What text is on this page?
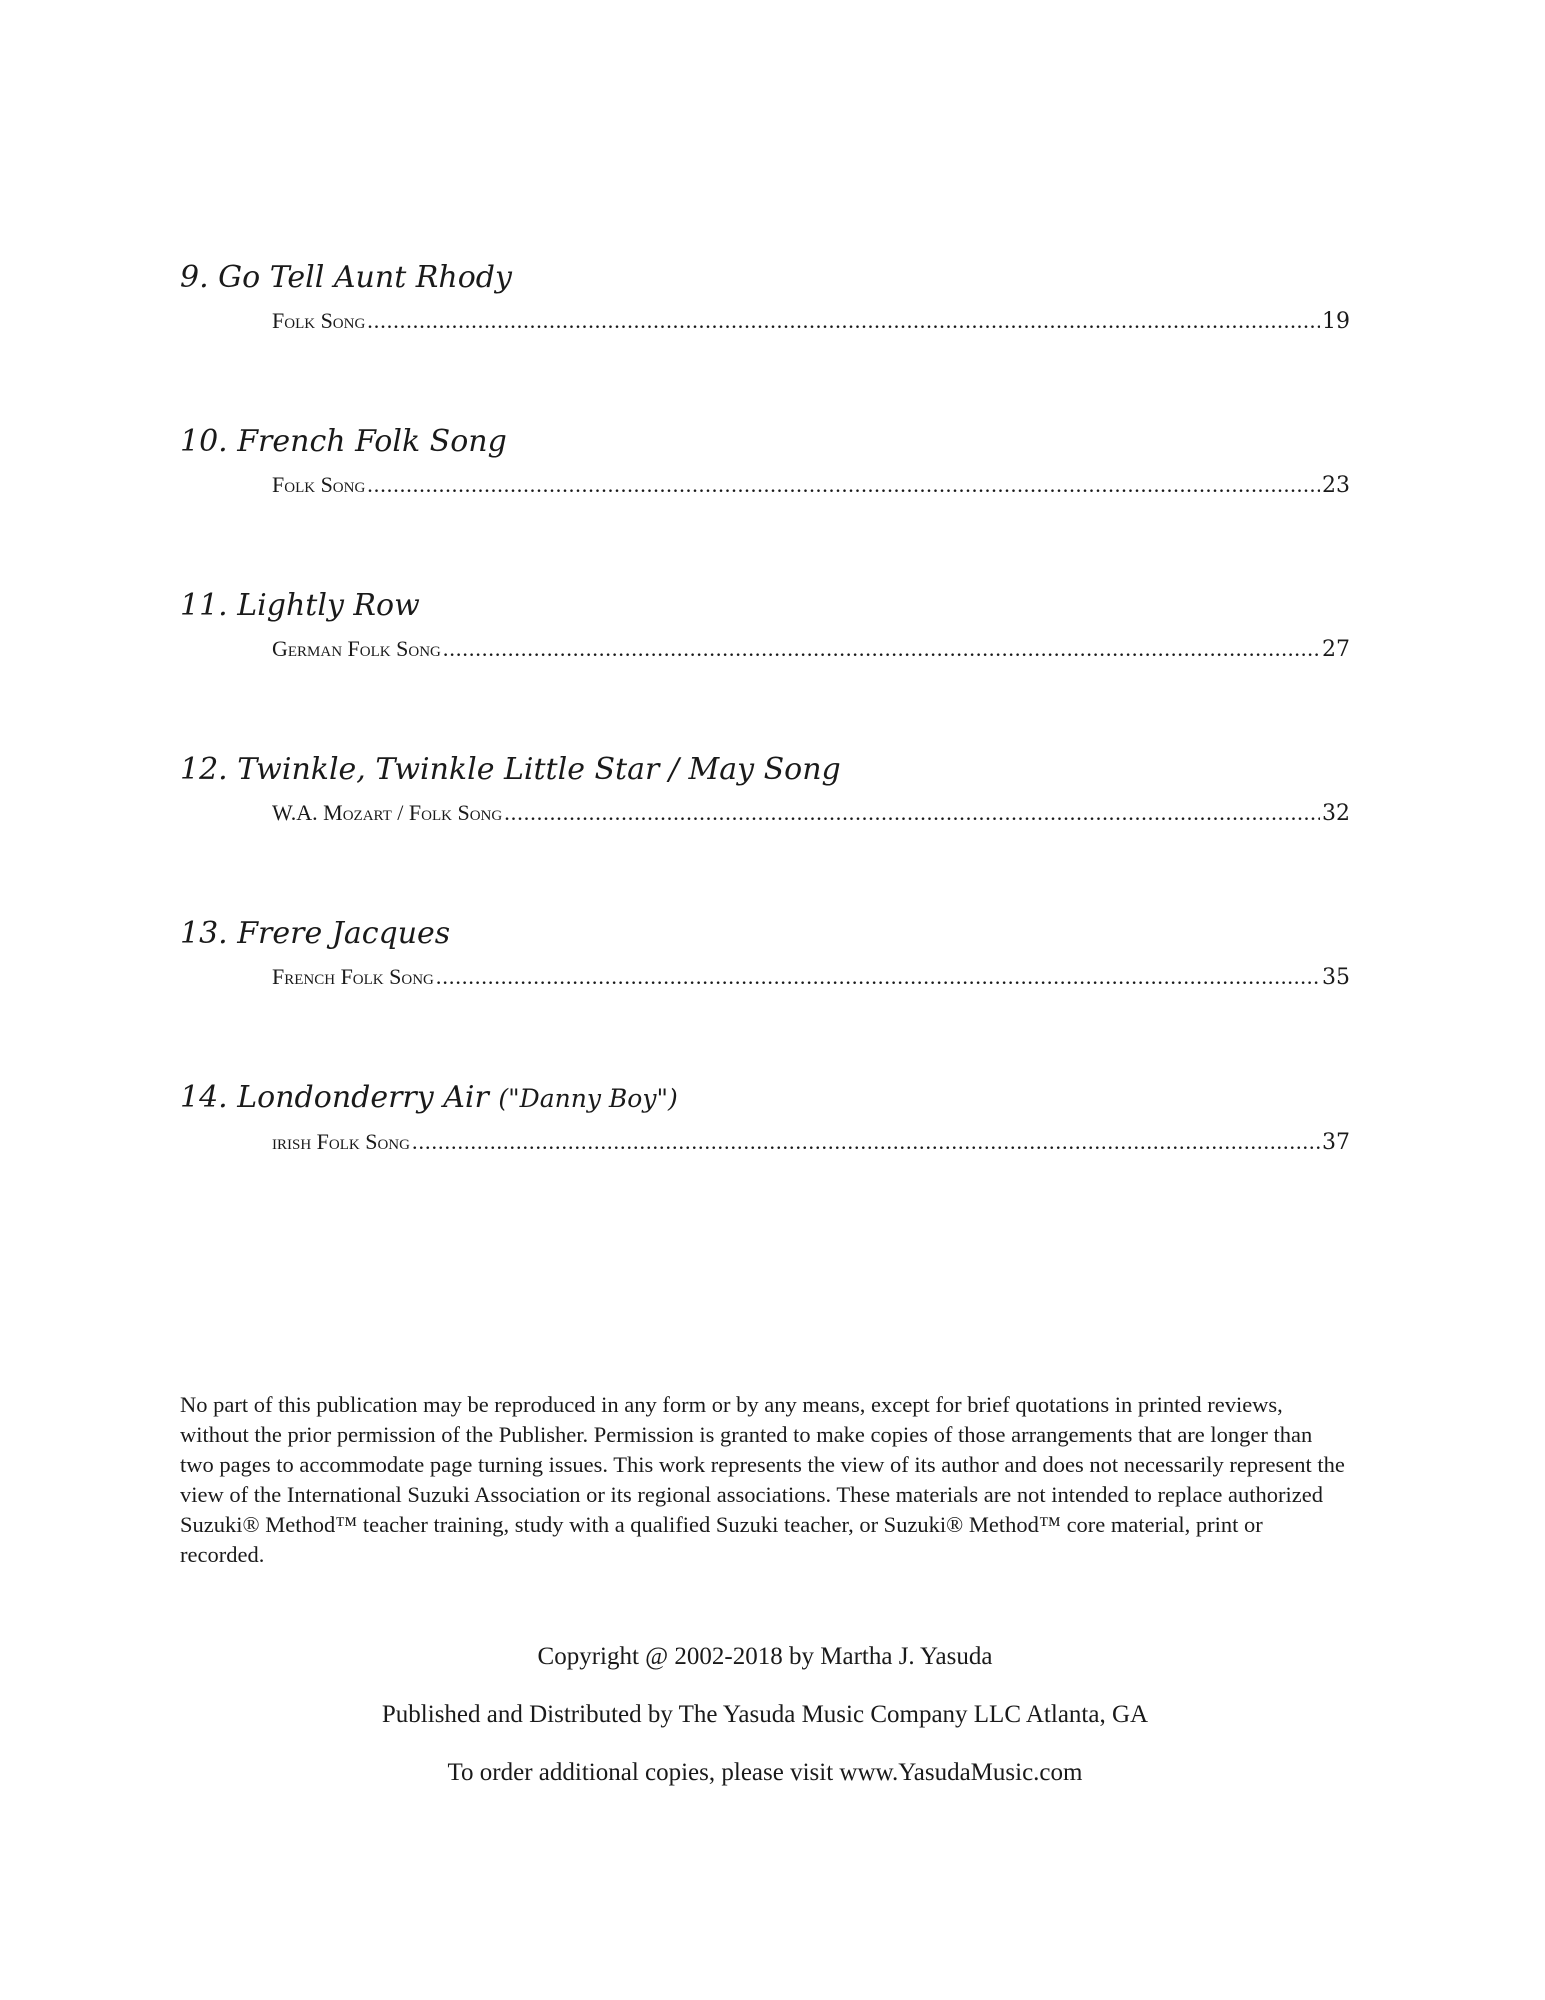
9. Go Tell Aunt Rhody

Folk Song .....	19

10. French Folk Song

Folk Song .....	23

11. Lightly Row

German Folk Song .....	27

12. Twinkle, Twinkle Little Star / May Song

W.A. Mozart / Folk Song .....	32

13. Frere Jacques

French Folk Song .....	35

14. Londonderry Air ("Danny Boy")

irish Folk Song .....	37

No part of this publication may be reproduced in any form or by any means, except for brief quotations in printed reviews, without the prior permission of the Publisher. Permission is granted to make copies of those arrangements that are longer than two pages to accommodate page turning issues. This work represents the view of its author and does not necessarily represent the view of the International Suzuki Association or its regional associations. These materials are not intended to replace authorized Suzuki® Method™ teacher training, study with a qualified Suzuki teacher, or Suzuki® Method™ core material, print or recorded.

Copyright @ 2002-2018 by Martha J. Yasuda

Published and Distributed by The Yasuda Music Company LLC Atlanta, GA

To order additional copies, please visit www.YasudaMusic.com
